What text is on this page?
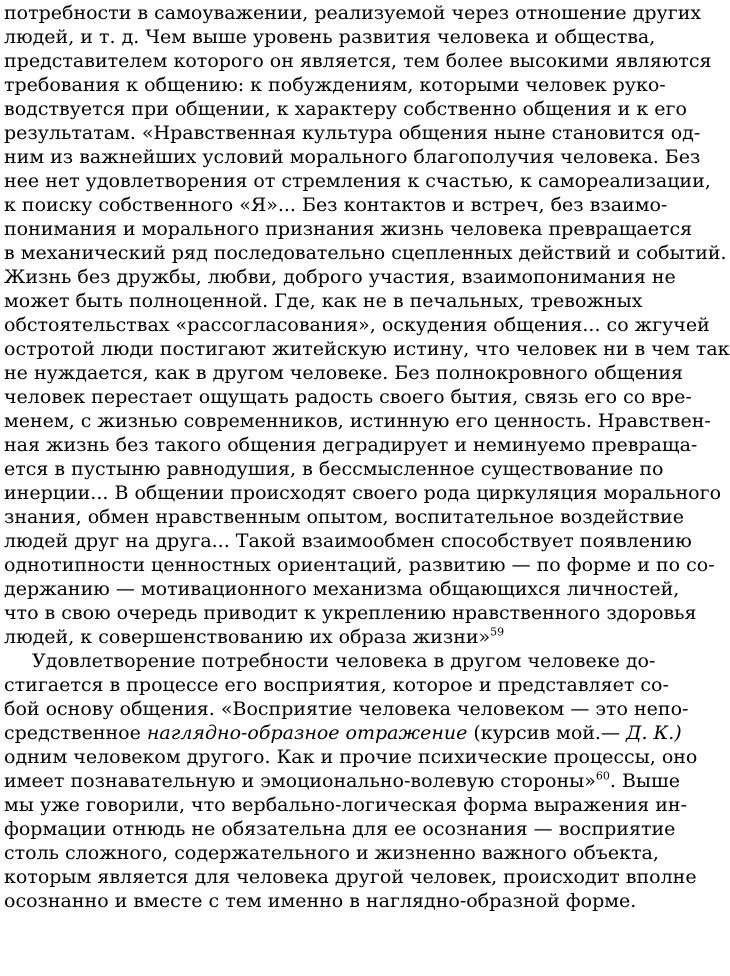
потребности в самоуважении, реализуемой через отношение других
людей, и т. д. Чем выше уровень развития человека и общества,
представителем которого он является, тем более высокими являются
требования к общению: к побуждениям, которыми человек руко-
водствуется при общении, к характеру собственно общения и к его
результатам. «Нравственная культура общения ныне становится од-
ним из важнейших условий морального благополучия человека. Без
нее нет удовлетворения от стремления к счастью, к самореализации,
к поиску собственного «Я»... Без контактов и встреч, без взаимо-
понимания и морального признания жизнь человека превращается
в механический ряд последовательно сцепленных действий и событий.
Жизнь без дружбы, любви, доброго участия, взаимопонимания не
может быть полноценной. Где, как не в печальных, тревожных
обстоятельствах «рассогласования», оскудения общения... со жгучей
остротой люди постигают житейскую истину, что человек ни в чем так
не нуждается, как в другом человеке. Без полнокровного общения
человек перестает ощущать радость своего бытия, связь его со вре-
менем, с жизнью современников, истинную его ценность. Нравствен-
ная жизнь без такого общения деградирует и неминуемо превраща-
ется в пустыню равнодушия, в бессмысленное существование по
инерции... В общении происходят своего рода циркуляция морального
знания, обмен нравственным опытом, воспитательное воздействие
людей друг на друга... Такой взаимообмен способствует появлению
однотипности ценностных ориентаций, развитию — по форме и по со-
держанию — мотивационного механизма общающихся личностей,
что в свою очередь приводит к укреплению нравственного здоровья
людей, к совершенствованию их образа жизни»$^{59}$
Удовлетворение потребности человека в другом человеке до-
стигается в процессе его восприятия, которое и представляет со-
бой основу общения. «Восприятие человека человеком — это непо-
средственное наглядно-образное отражение (курсив мой.— Д. К.)
одним человеком другого. Как и прочие психические процессы, оно
имеет познавательную и эмоционально-волевую стороны»$^{60}$. Выше
мы уже говорили, что вербально-логическая форма выражения ин-
формации отнюдь не обязательна для ее осознания — восприятие
столь сложного, содержательного и жизненно важного объекта,
которым является для человека другой человек, происходит вполне
осознанно и вместе с тем именно в наглядно-образной форме.
